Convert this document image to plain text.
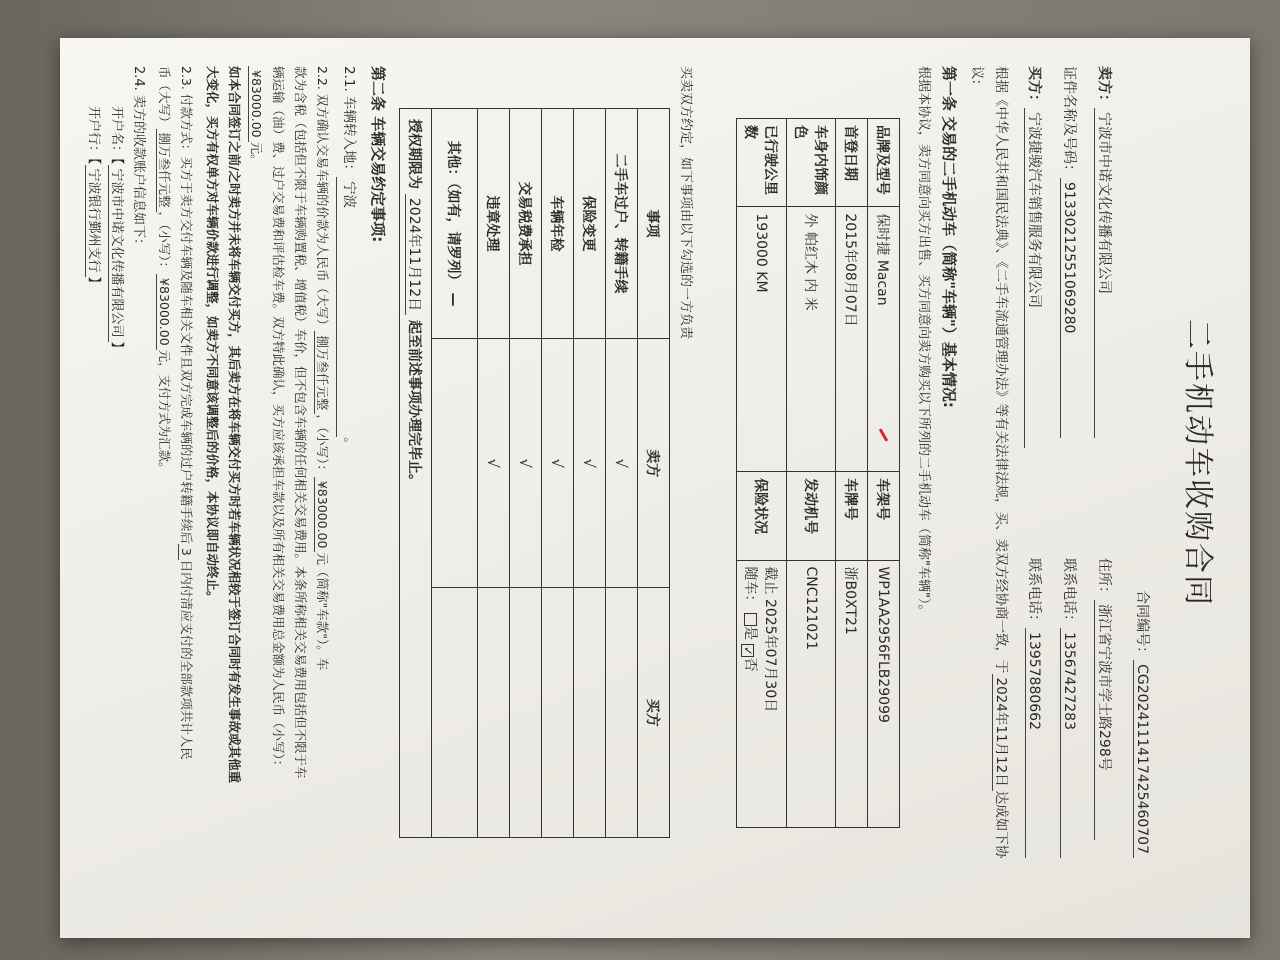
二手机动车收购合同
合同编号：CG2024111417425460707
卖方：宁波市中诺文化传播有限公司
住所：浙江省宁波市学士路298号
证件名称及号码：91330212551069280
联系电话：13567427283
买方：宁波捷骏汽车销售服务有限公司
联系电话：13957880662
根据《中华人民共和国民法典》、《二手车流通管理办法》等有关法律法规，买、卖双方经协商一致，于2024年11月12日达成如下协
议:
第一条 交易的二手机动车（简称"车辆"）基本情况:
根据本协议，卖方同意向买方出售、买方同意向卖方购买以下所列的二手机动车（简称"车辆"）。
品牌及型号	保时捷 Macan	车架号	WP1AA2956FLB29099
首登日期	2015年08月07日	车牌号	浙B0XT21
车身内饰颜色	外 帕红木 内 米	发动机号	CNC121021
已行驶公里数	193000 KM	保险状况	截止 2025年07月30日
随车： 是 ✓否
买卖双方约定，如下事项由以下勾选的一方负责
事项	卖方	买方
二手车过户、转籍手续	√	
保险变更	√	
车辆年检	√	
交易税费承担	√	
违章处理	√	
其他：（如有，请罗列） —		
授权期限为 2024年11月12日 起至前述事项办理完毕止。		
第二条 车辆交易约定事项:
2.1. 车辆转入地：宁波。
2.2. 双方确认交易车辆的价款为人民币（大写）捌万叁仟元整，（小写）：¥83000.00元（简称"车款"）。车
款为含税（包括但不限于车辆购置税、增值税）车价，但不包含车辆的任何相关交易费用。本条所称相关交易费用包括但不限于车
辆运输（油）费、过户交易费和评估检车费。双方特此确认，买方应该承担车款以及所有相关交易费用总金额为人民币（小写）：
¥83000.00元。
如本合同签订之前/之时卖方并未将车辆交付买方，其后卖方在将车辆交付买方时若车辆状况相较于签订合同时有发生事故或其他重
大变化，买方有权单方对车辆价款进行调整，如卖方不同意该调整后的价格，本协议即自动终止。
2.3. 付款方式：买方于卖方交付车辆及随车相关文件且双方完成车辆的过户转籍手续后3日内付清应支付的全部款项共计人民
币（大写）捌万叁仟元整，（小写）：¥83000.00元，支付方式为汇款。
2.4. 卖方的收款账户信息如下：
开户名：【宁波市中诺文化传播有限公司】
开户行：【宁波银行鄞州支行】
